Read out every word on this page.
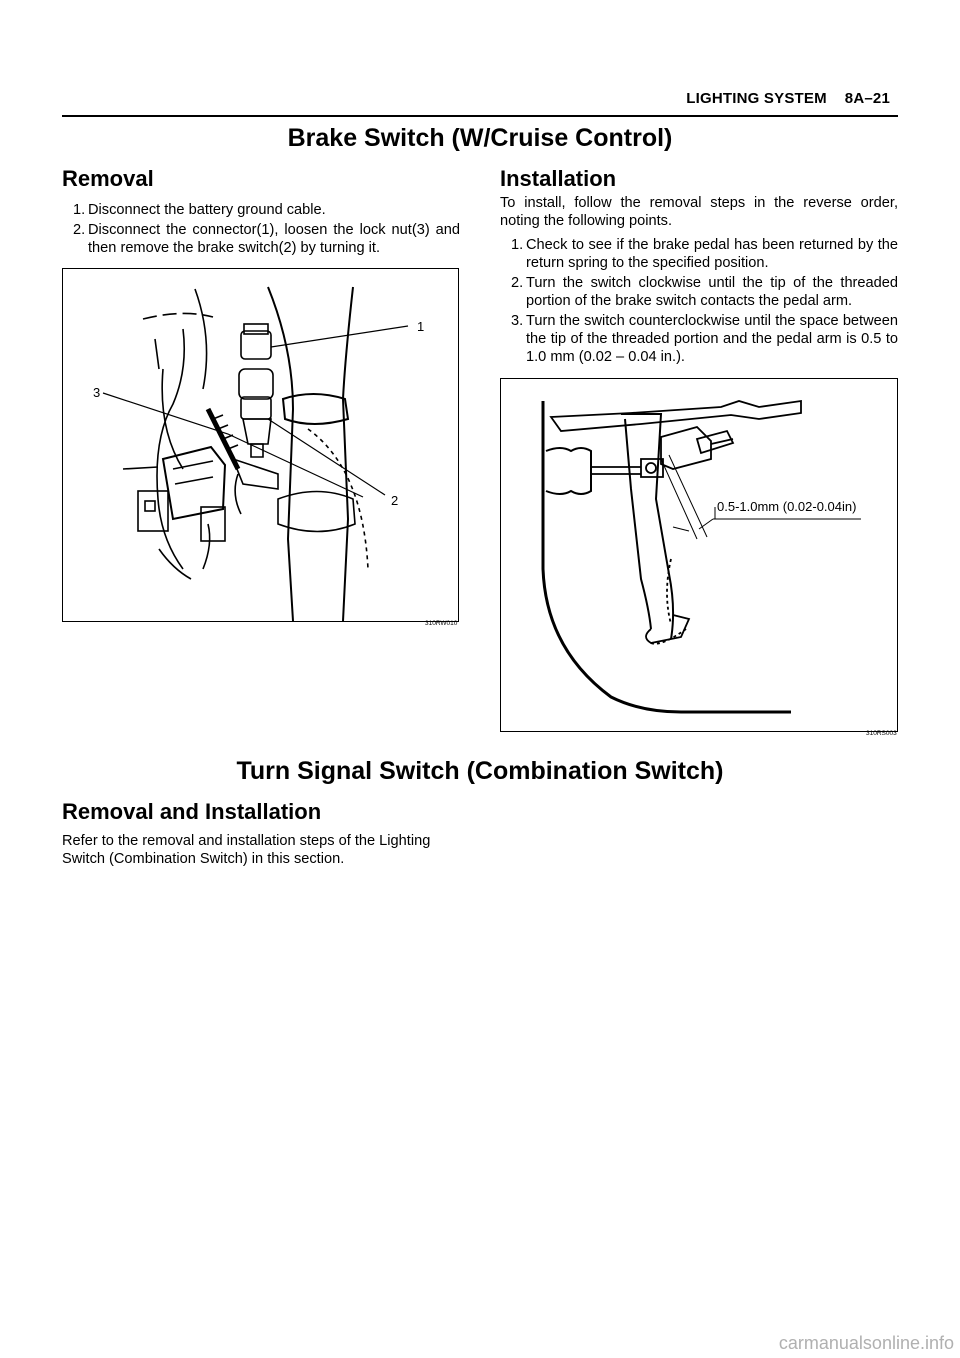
LIGHTING SYSTEM 8A–21
Brake Switch (W/Cruise Control)
Removal
1. Disconnect the battery ground cable.
2. Disconnect the connector(1), loosen the lock nut(3) and then remove the brake switch(2) by turning it.
1
2
3
310RW010
Installation
To install, follow the removal steps in the reverse order, noting the following points.
1. Check to see if the brake pedal has been returned by the return spring to the specified position.
2. Turn the switch clockwise until the tip of the threaded portion of the brake switch contacts the pedal arm.
3. Turn the switch counterclockwise until the space between the tip of the threaded portion and the pedal arm is 0.5 to 1.0 mm (0.02 – 0.04 in.).
0.5-1.0mm (0.02-0.04in)
310RS003
Turn Signal Switch (Combination Switch)
Removal and Installation
Refer to the removal and installation steps of the Lighting Switch (Combination Switch) in this section.
carmanualsonline.info
